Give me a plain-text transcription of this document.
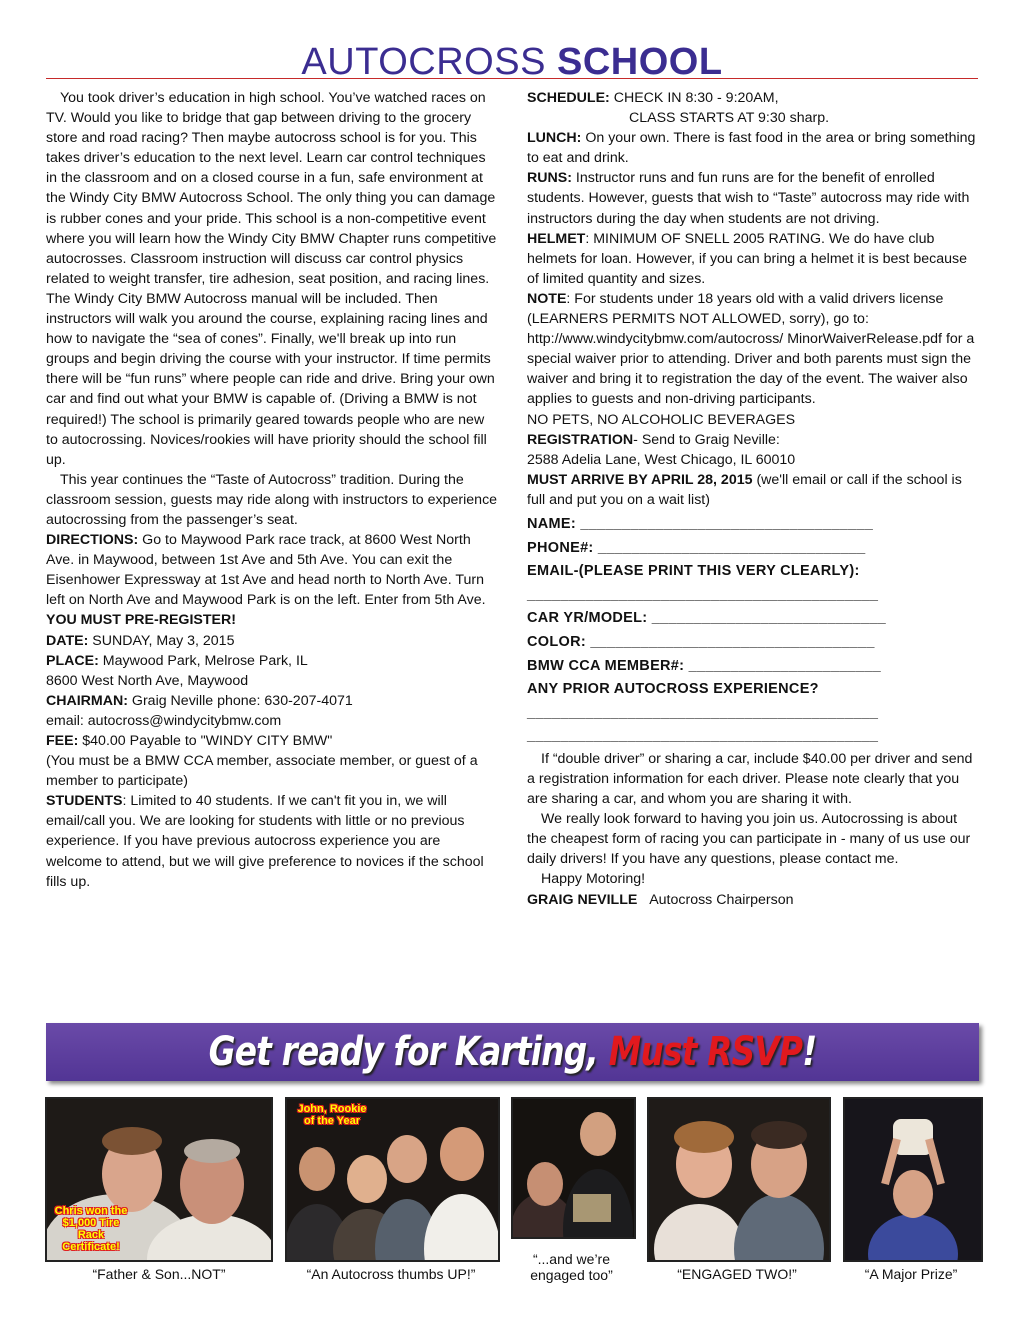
AUTOCROSS SCHOOL

You took driver’s education in high school. You’ve watched races on TV. Would you like to bridge that gap between driving to the grocery store and road racing? Then maybe autocross school is for you. This takes driver’s education to the next level. Learn car control techniques in the classroom and on a closed course in a fun, safe environment at the Windy City BMW Autocross School. The only thing you can damage is rubber cones and your pride. This school is a non-competitive event where you will learn how the Windy City BMW Chapter runs competitive autocrosses. Classroom instruction will discuss car control physics related to weight transfer, tire adhesion, seat position, and racing lines. The Windy City BMW Autocross manual will be included. Then instructors will walk you around the course, explaining racing lines and how to navigate the “sea of cones”. Finally, we'll break up into run groups and begin driving the course with your instructor. If time permits there will be “fun runs” where people can ride and drive. Bring your own car and find out what your BMW is capable of. (Driving a BMW is not required!) The school is primarily geared towards people who are new to autocrossing. Novices/rookies will have priority should the school fill up.

This year continues the “Taste of Autocross” tradition. During the classroom session, guests may ride along with instructors to experience autocrossing from the passenger’s seat.

DIRECTIONS: Go to Maywood Park race track, at 8600 West North Ave. in Maywood, between 1st Ave and 5th Ave. You can exit the Eisenhower Expressway at 1st Ave and head north to North Ave. Turn left on North Ave and Maywood Park is on the left. Enter from 5th Ave.

YOU MUST PRE-REGISTER!

DATE: SUNDAY, May 3, 2015

PLACE: Maywood Park, Melrose Park, IL

8600 West North Ave, Maywood

CHAIRMAN: Graig Neville phone: 630-207-4071

email: autocross@windycitybmw.com

FEE: $40.00 Payable to "WINDY CITY BMW"

(You must be a BMW CCA member, associate member, or guest of a member to participate)

STUDENTS: Limited to 40 students. If we can't fit you in, we will email/call you. We are looking for students with little or no previous experience. If you have previous autocross experience you are welcome to attend, but we will give preference to novices if the school fills up.

SCHEDULE: CHECK IN 8:30 - 9:20AM,

CLASS STARTS AT 9:30 sharp.

LUNCH: On your own. There is fast food in the area or bring something to eat and drink.

RUNS: Instructor runs and fun runs are for the benefit of enrolled students. However, guests that wish to “Taste” autocross may ride with instructors during the day when students are not driving.

HELMET: MINIMUM OF SNELL 2005 RATING. We do have club helmets for loan. However, if you can bring a helmet it is best because of limited quantity and sizes.

NOTE: For students under 18 years old with a valid drivers license (LEARNERS PERMITS NOT ALLOWED, sorry), go to: http://www.windycitybmw.com/autocross/ MinorWaiverRelease.pdf for a special waiver prior to attending. Driver and both parents must sign the waiver and bring it to registration the day of the event. The waiver also applies to guests and non-driving participants.

NO PETS, NO ALCOHOLIC BEVERAGES

REGISTRATION- Send to Graig Neville:

2588 Adelia Lane, West Chicago, IL 60010

MUST ARRIVE BY APRIL 28, 2015 (we'll email or call if the school is full and put you on a wait list)

NAME: ___________________________________

PHONE#: ________________________________

EMAIL-(PLEASE PRINT THIS VERY CLEARLY):

__________________________________________

CAR YR/MODEL: ____________________________

COLOR: __________________________________

BMW CCA MEMBER#: _______________________

ANY PRIOR AUTOCROSS EXPERIENCE?

__________________________________________

__________________________________________

If “double driver” or sharing a car, include $40.00 per driver and send a registration information for each driver. Please note clearly that you are sharing a car, and whom you are sharing it with.

We really look forward to having you join us. Autocrossing is about the cheapest form of racing you can participate in - many of us use our daily drivers! If you have any questions, please contact me.

Happy Motoring!

GRAIG NEVILLE Autocross Chairperson

Get ready for Karting, Must RSVP!
Chris won the $1,000 Tire Rack Certificate!
“Father & Son...NOT”
John, Rookie of the Year
“An Autocross thumbs UP!”
“...and we’re
engaged too”	“ENGAGED TWO!”	“A Major Prize”
